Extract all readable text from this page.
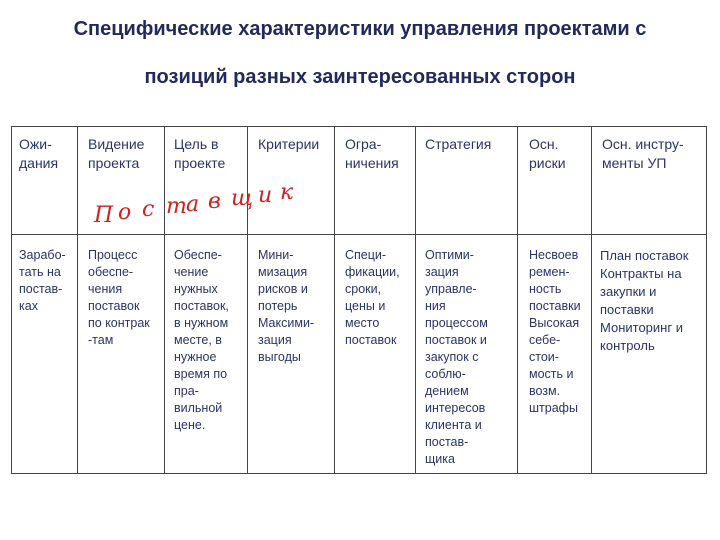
Специфические характеристики управления проектами с
позиций разных заинтересованных сторон
Ожи-
дания
Видение
проекта
Цель в
проекте
Критерии Огра-
ничения
Стратегия	Осн.
риски
Осн. инстру-
менты УП
П о с т а в щ и к
Зарабо-
тать на
постав-
ках
Процесс
обеспе-
чения
поставок
по контрак
-там
Обеспе-
чение
нужных
поставок,
в нужном
месте, в
нужное
время по
пра-
вильной
цене.
Мини-
мизация
рисков и
потерь
Максими-
зация
выгоды
Специ-
фикации,
сроки,
цены и
место
поставок
Оптими-
зация
управле-
ния
процессом
поставок и
закупок с
соблю-
дением
интересов
клиента и
постав-
щика
Несвоев
ремен-
ность
поставки
Высокая
себе-
стои-
мость и
возм.
штрафы
План поставок
Контракты на
закупки и
поставки
Мониторинг и
контроль
